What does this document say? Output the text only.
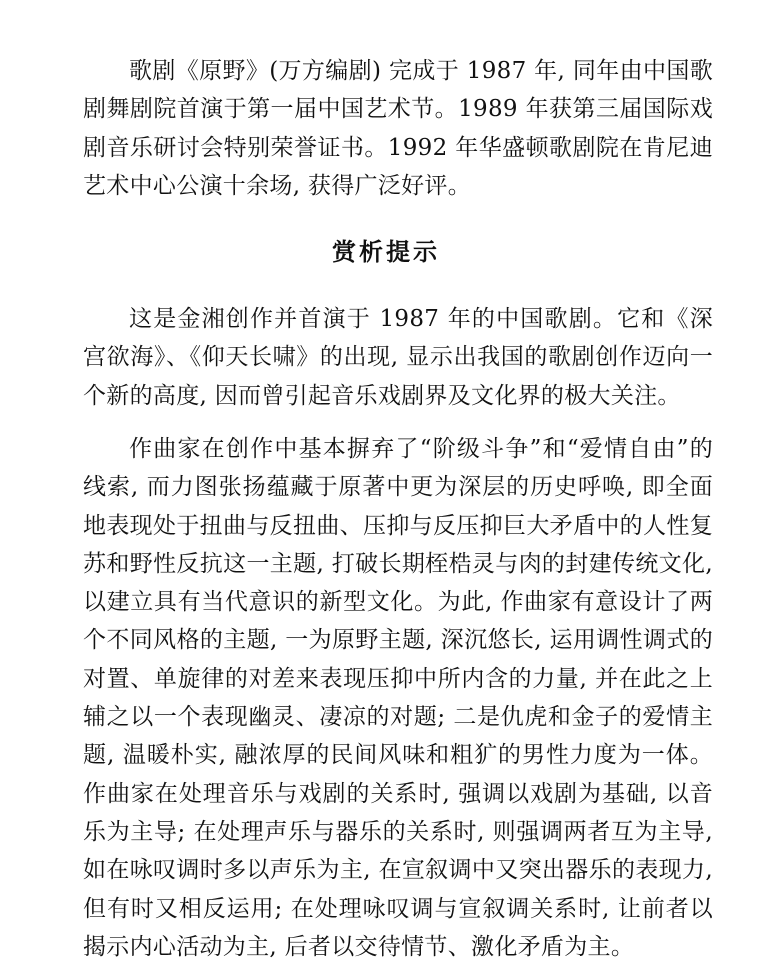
歌剧《原野》(万方编剧) 完成于 1987 年, 同年由中国歌剧舞剧院首演于第一届中国艺术节。1989 年获第三届国际戏剧音乐研讨会特别荣誉证书。1992 年华盛顿歌剧院在肯尼迪艺术中心公演十余场, 获得广泛好评。

赏析提示

这是金湘创作并首演于 1987 年的中国歌剧。它和《深宫欲海》、《仰天长啸》的出现, 显示出我国的歌剧创作迈向一个新的高度, 因而曾引起音乐戏剧界及文化界的极大关注。

作曲家在创作中基本摒弃了“阶级斗争”和“爱情自由”的线索, 而力图张扬蕴藏于原著中更为深层的历史呼唤, 即全面地表现处于扭曲与反扭曲、压抑与反压抑巨大矛盾中的人性复苏和野性反抗这一主题, 打破长期桎梏灵与肉的封建传统文化, 以建立具有当代意识的新型文化。为此, 作曲家有意设计了两个不同风格的主题, 一为原野主题, 深沉悠长, 运用调性调式的对置、单旋律的对差来表现压抑中所内含的力量, 并在此之上辅之以一个表现幽灵、凄凉的对题; 二是仇虎和金子的爱情主题, 温暖朴实, 融浓厚的民间风味和粗犷的男性力度为一体。作曲家在处理音乐与戏剧的关系时, 强调以戏剧为基础, 以音乐为主导; 在处理声乐与器乐的关系时, 则强调两者互为主导, 如在咏叹调时多以声乐为主, 在宣叙调中又突出器乐的表现力, 但有时又相反运用; 在处理咏叹调与宣叙调关系时, 让前者以揭示内心活动为主, 后者以交待情节、激化矛盾为主。
